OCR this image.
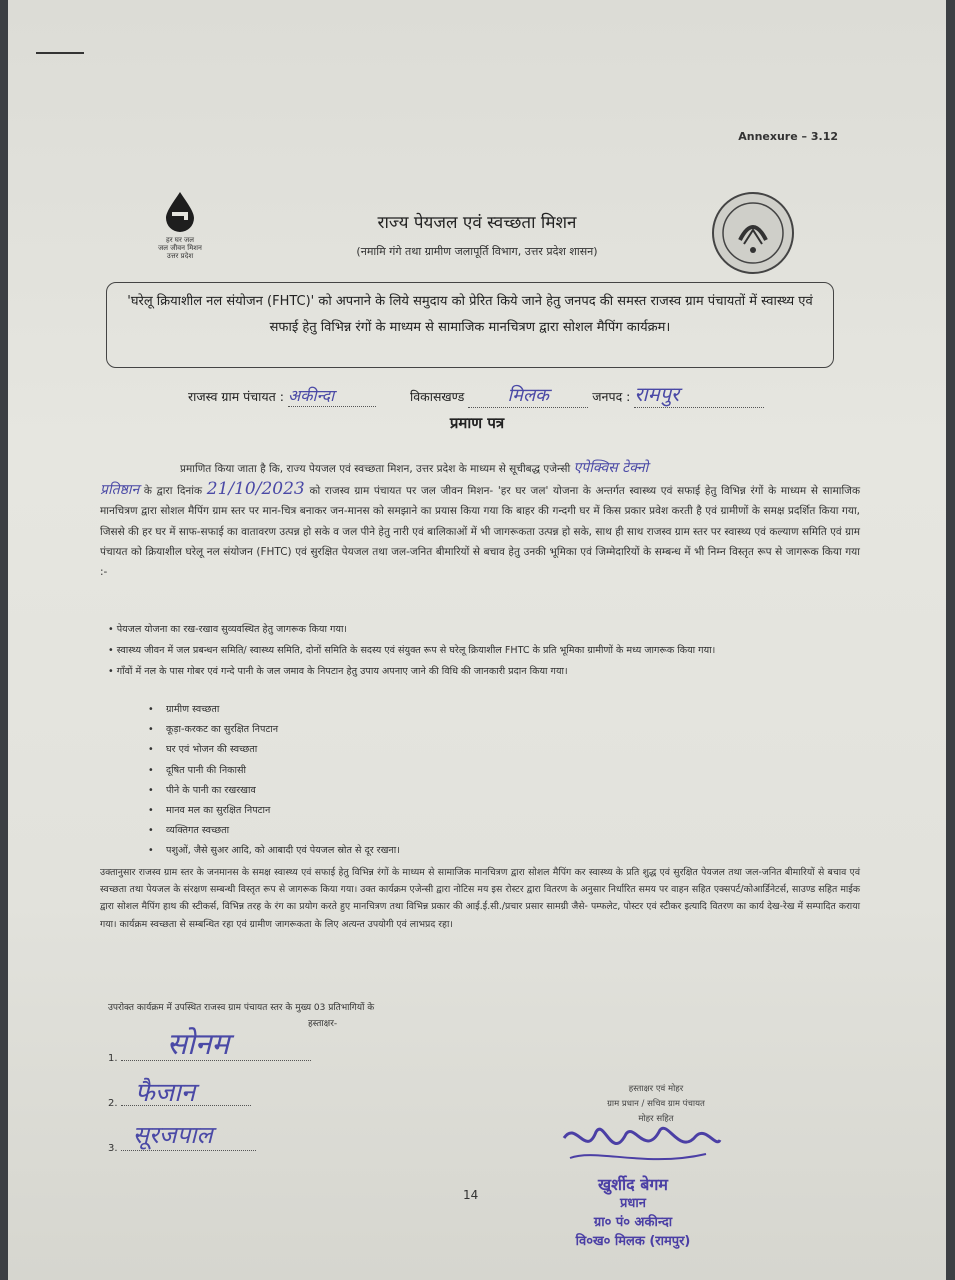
Annexure – 3.12
हर घर जल
जल जीवन मिशन
उत्तर प्रदेश
राज्य पेयजल एवं स्वच्छता मिशन
(नमामि गंगे तथा ग्रामीण जलापूर्ति विभाग, उत्तर प्रदेश शासन)
'घरेलू क्रियाशील नल संयोजन (FHTC)' को अपनाने के लिये समुदाय को प्रेरित किये जाने हेतु जनपद की समस्त राजस्व ग्राम पंचायतों में स्वास्थ्य एवं सफाई हेतु विभिन्न रंगों के माध्यम से सामाजिक मानचित्रण द्वारा सोशल मैपिंग कार्यक्रम।
राजस्व ग्राम पंचायत : अकीन्दा	विकासखण्ड मिलक	जनपद : रामपुर
प्रमाण पत्र

प्रमाणित किया जाता है कि, राज्य पेयजल एवं स्वच्छता मिशन, उत्तर प्रदेश के माध्यम से सूचीबद्ध एजेन्सी एपेक्विस टेक्नो

प्रतिष्ठान के द्वारा दिनांक 21/10/2023 को राजस्व ग्राम पंचायत पर जल जीवन मिशन- 'हर घर जल' योजना के अन्तर्गत स्वास्थ्य एवं सफाई हेतु विभिन्न रंगों के माध्यम से सामाजिक मानचित्रण द्वारा सोशल मैपिंग ग्राम स्तर पर मान-चित्र बनाकर जन-मानस को समझाने का प्रयास किया गया कि बाहर की गन्दगी घर में किस प्रकार प्रवेश करती है एवं ग्रामीणों के समक्ष प्रदर्शित किया गया, जिससे की हर घर में साफ-सफाई का वातावरण उत्पन्न हो सके व जल पीने हेतु नारी एवं बालिकाओं में भी जागरूकता उत्पन्न हो सके, साथ ही साथ राजस्व ग्राम स्तर पर स्वास्थ्य एवं कल्याण समिति एवं ग्राम पंचायत को क्रियाशील घरेलू नल संयोजन (FHTC) एवं सुरक्षित पेयजल तथा जल-जनित बीमारियों से बचाव हेतु उनकी भूमिका एवं जिम्मेदारियों के सम्बन्ध में भी निम्न विस्तृत रूप से जागरूक किया गया :-

• पेयजल योजना का रख-रखाव सुव्यवस्थित हेतु जागरूक किया गया।
• स्वास्थ्य जीवन में जल प्रबन्धन समिति/ स्वास्थ्य समिति, दोनों समिति के सदस्य एवं संयुक्त रूप से घरेलू क्रियाशील FHTC के प्रति भूमिका ग्रामीणों के मध्य जागरूक किया गया।
• गाँवों में नल के पास गोबर एवं गन्दे पानी के जल जमाव के निपटान हेतु उपाय अपनाए जाने की विधि की जानकारी प्रदान किया गया।
• ग्रामीण स्वच्छता
• कूड़ा-करकट का सुरक्षित निपटान
• घर एवं भोजन की स्वच्छता
• दूषित पानी की निकासी
• पीने के पानी का रखरखाव
• मानव मल का सुरक्षित निपटान
• व्यक्तिगत स्वच्छता
• पशुओं, जैसे सुअर आदि, को आबादी एवं पेयजल स्रोत से दूर रखना।
उक्तानुसार राजस्व ग्राम स्तर के जनमानस के समक्ष स्वास्थ्य एवं सफाई हेतु विभिन्न रंगों के माध्यम से सामाजिक मानचित्रण द्वारा सोशल मैपिंग कर स्वास्थ्य के प्रति शुद्ध एवं सुरक्षित पेयजल तथा जल-जनित बीमारियों से बचाव एवं स्वच्छता तथा पेयजल के संरक्षण सम्बन्धी विस्तृत रूप से जागरूक किया गया। उक्त कार्यक्रम एजेन्सी द्वारा नोटिस मय इस रोस्टर द्वारा वितरण के अनुसार निर्धारित समय पर वाहन सहित एक्सपर्ट/कोआर्डिनेटर्स, साउण्ड सहित माईक द्वारा सोशल मैपिंग हाथ की स्टीकर्स, विभिन्न तरह के रंग का प्रयोग करते हुए मानचित्रण तथा विभिन्न प्रकार की आई.ई.सी./प्रचार प्रसार सामग्री जैसे- पम्फलेट, पोस्टर एवं स्टीकर इत्यादि वितरण का कार्य देख-रेख में सम्पादित कराया गया। कार्यक्रम स्वच्छता से सम्बन्धित रहा एवं ग्रामीण जागरूकता के लिए अत्यन्त उपयोगी एवं लाभप्रद रहा।
उपरोक्त कार्यक्रम में उपस्थित राजस्व ग्राम पंचायत स्तर के मुख्य 03 प्रतिभागियों के
हस्ताक्षर-
1. सोनम
2. फैजान
3. सूरजपाल
हस्ताक्षर एवं मोहर
ग्राम प्रधान / सचिव ग्राम पंचायत
मोहर सहित
14
खुर्शीद बेगम
प्रधान
ग्रा० पं० अकीन्दा
वि०ख० मिलक (रामपुर)
